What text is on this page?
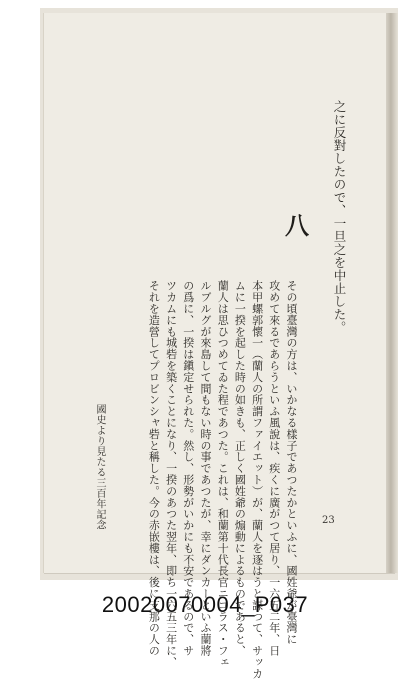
之に反對したので、一旦之を中止した。
八
その頃臺灣の方は、いかなる樣子であつたかといふに、國姓爺が臺灣に
攻めて來るであらうといふ風說は、疾くに廣がつて居り、一六五二年、日
本甲螺郭懷一（蘭人の所謂ファイエット）が、蘭人を逐はうと謀つて、サッカ
ムに一揆を起した時の如きも、正しく國姓爺の煽動によるものであると、
蘭人は思ひつめてゐた程であつた。これは、和蘭第十代長官ニコラス・フェ
ルブルグが來島して間もない時の事であつたが、幸にダンカーといふ蘭將
の爲に、一揆は鎭定せられた。然し、形勢がいかにも不安であるので、サ
ツカムにも城砦を築くことになり、一揆のあつた翌年、即ち一六五三年に、
それを造營してプロビンシャ砦と稱した。今の赤嵌樓は、後に支那の人の
國史より見たる三百年記念	23
20020070004_P037
